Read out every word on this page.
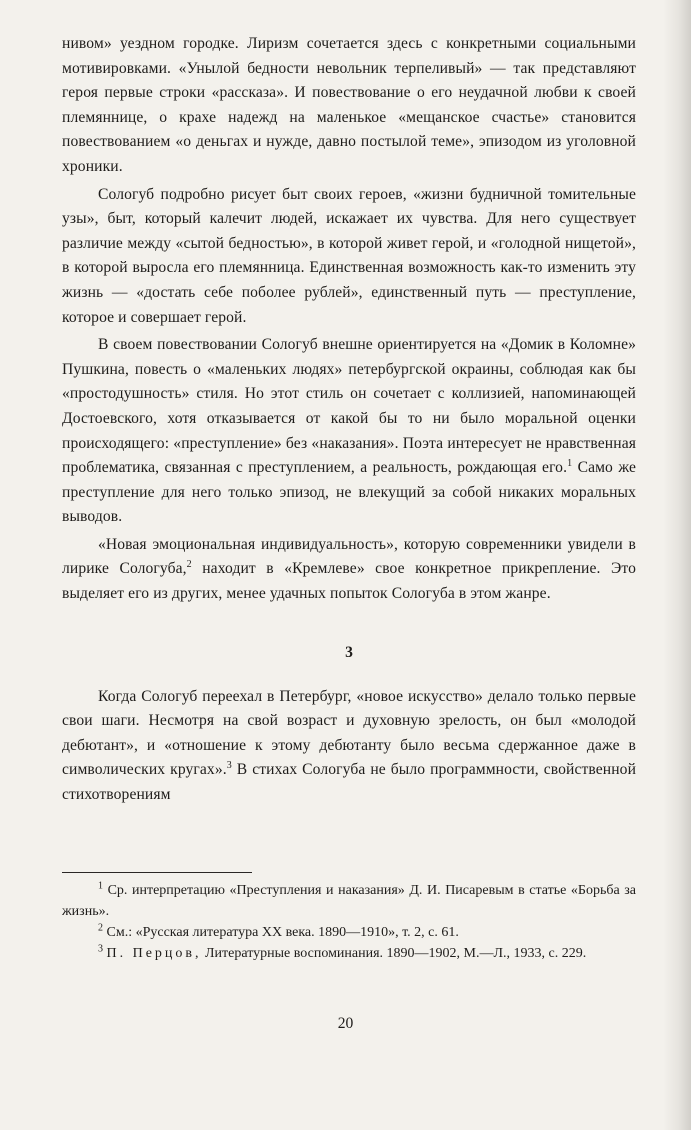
нивом» уездном городке. Лиризм сочетается здесь с конкретными социальными мотивировками. «Унылой бедности невольник терпеливый» — так представляют героя первые строки «рассказа». И повествование о его неудачной любви к своей племяннице, о крахе надежд на маленькое «мещанское счастье» становится повествованием «о деньгах и нужде, давно постылой теме», эпизодом из уголовной хроники.

Сологуб подробно рисует быт своих героев, «жизни будничной томительные узы», быт, который калечит людей, искажает их чувства. Для него существует различие между «сытой бедностью», в которой живет герой, и «голодной нищетой», в которой выросла его племянница. Единственная возможность как-то изменить эту жизнь — «достать себе поболее рублей», единственный путь — преступление, которое и совершает герой.

В своем повествовании Сологуб внешне ориентируется на «Домик в Коломне» Пушкина, повесть о «маленьких людях» петербургской окраины, соблюдая как бы «простодушность» стиля. Но этот стиль он сочетает с коллизией, напоминающей Достоевского, хотя отказывается от какой бы то ни было моральной оценки происходящего: «преступление» без «наказания». Поэта интересует не нравственная проблематика, связанная с преступлением, а реальность, рождающая его.$^1$ Само же преступление для него только эпизод, не влекущий за собой никаких моральных выводов.

«Новая эмоциональная индивидуальность», которую современники увидели в лирике Сологуба,$^2$ находит в «Кремлеве» свое конкретное прикрепление. Это выделяет его из других, менее удачных попыток Сологуба в этом жанре.

3

Когда Сологуб переехал в Петербург, «новое искусство» делало только первые свои шаги. Несмотря на свой возраст и духовную зрелость, он был «молодой дебютант», и «отношение к этому дебютанту было весьма сдержанное даже в символических кругах».$^3$ В стихах Сологуба не было программности, свойственной стихотворениям

$^1$ Ср. интерпретацию «Преступления и наказания» Д. И. Писаревым в статье «Борьба за жизнь».

$^2$ См.: «Русская литература XX века. 1890—1910», т. 2, с. 61.

$^3$ П. Перцов, Литературные воспоминания. 1890—1902, М.—Л., 1933, с. 229.

20
